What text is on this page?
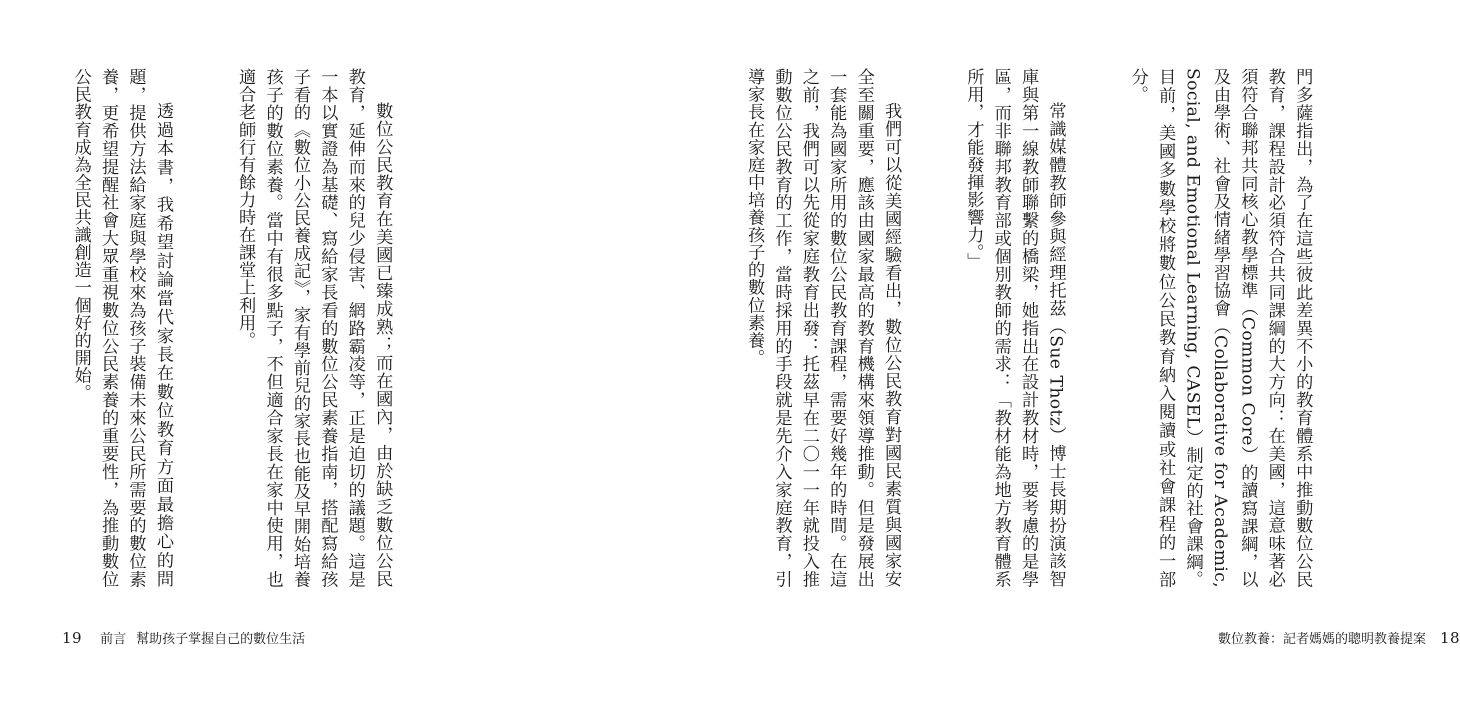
數位公民教育在美國已臻成熟；而在國內，由於缺乏數位公民教育，延伸而來的兒少侵害、網路霸凌等，正是迫切的議題。這是一本以實證為基礎、寫給家長看的數位公民素養指南，搭配寫給孩子看的《數位小公民養成記》，家有學前兒的家長也能及早開始培養孩子的數位素養。當中有很多點子，不但適合家長在家中使用，也適合老師行有餘力時在課堂上利用。

透過本書，我希望討論當代家長在數位教育方面最擔心的問題，提供方法給家庭與學校來為孩子裝備未來公民所需要的數位素養，更希望提醒社會大眾重視數位公民素養的重要性，為推動數位公民教育成為全民共識創造一個好的開始。

19 前言 幫助孩子掌握自己的數位生活

門多薩指出，為了在這些彼此差異不小的教育體系中推動數位公民教育，課程設計必須符合共同課綱的大方向：在美國，這意味著必須符合聯邦共同核心教學標準（Common Core）的讀寫課綱，以及由學術、社會及情緒學習協會（Collaborative for Academic, Social, and Emotional Learning, CASEL）制定的社會課綱。目前，美國多數學校將數位公民教育納入閱讀或社會課程的一部分。

常識媒體教師參與經理托茲（Sue Thotz）博士長期扮演該智庫與第一線教師聯繫的橋梁，她指出在設計教材時，要考慮的是學區，而非聯邦教育部或個別教師的需求：「教材能為地方教育體系所用，才能發揮影響力。」

我們可以從美國經驗看出，數位公民教育對國民素質與國家安全至關重要，應該由國家最高的教育機構來領導推動。但是發展出一套能為國家所用的數位公民教育課程，需要好幾年的時間。在這之前，我們可以先從家庭教育出發：托茲早在二〇一一年就投入推動數位公民教育的工作，當時採用的手段就是先介入家庭教育，引導家長在家庭中培養孩子的數位素養。

數位教養：記者媽媽的聰明教養提案 18
